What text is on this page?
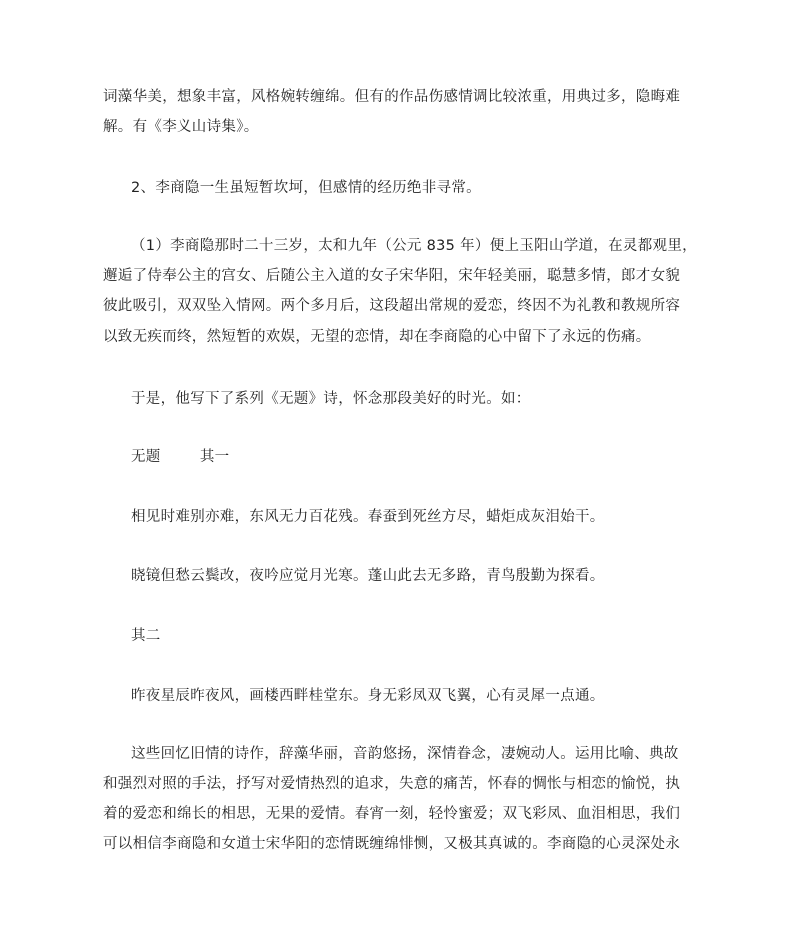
词藻华美，想象丰富，风格婉转缠绵。但有的作品伤感情调比较浓重，用典过多，隐晦难
解。有《李义山诗集》。
2、李商隐一生虽短暂坎坷，但感情的经历绝非寻常。
（1）李商隐那时二十三岁，太和九年（公元 835 年）便上玉阳山学道，在灵都观里，
邂逅了侍奉公主的宫女、后随公主入道的女子宋华阳，宋年轻美丽，聪慧多情，郎才女貌
彼此吸引，双双坠入情网。两个多月后，这段超出常规的爱恋，终因不为礼教和教规所容
以致无疾而终，然短暂的欢娱，无望的恋情，却在李商隐的心中留下了永远的伤痛。
于是，他写下了系列《无题》诗，怀念那段美好的时光。如：
无题        其一
相见时难别亦难，东风无力百花残。春蚕到死丝方尽，蜡炬成灰泪始干。
晓镜但愁云鬓改，夜吟应觉月光寒。蓬山此去无多路，青鸟殷勤为探看。
其二
昨夜星辰昨夜风，画楼西畔桂堂东。身无彩凤双飞翼，心有灵犀一点通。
这些回忆旧情的诗作，辞藻华丽，音韵悠扬，深情眷念，凄婉动人。运用比喻、典故
和强烈对照的手法，抒写对爱情热烈的追求，失意的痛苦，怀春的惆怅与相恋的愉悦，执
着的爱恋和绵长的相思，无果的爱情。春宵一刻，轻怜蜜爱；双飞彩凤、血泪相思，我们
可以相信李商隐和女道士宋华阳的恋情既缠绵悱恻，又极其真诚的。李商隐的心灵深处永
